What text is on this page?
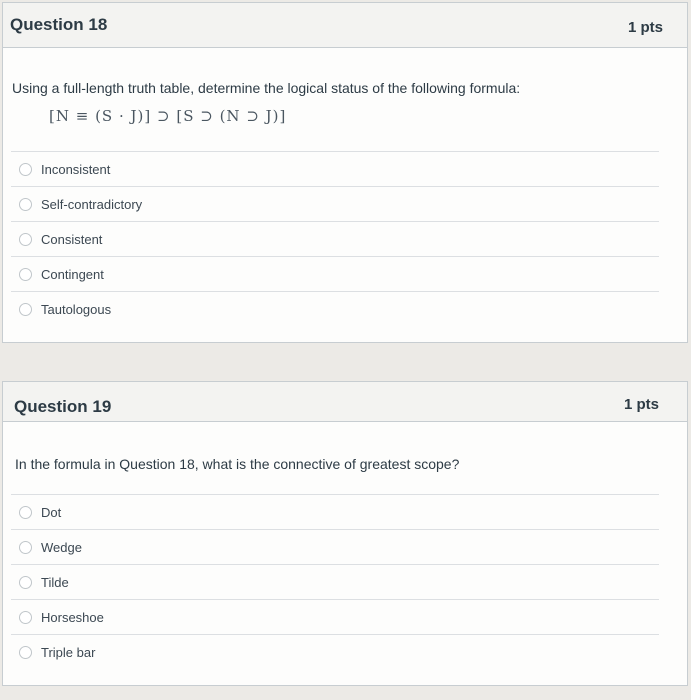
Question 18	1 pts
Using a full-length truth table, determine the logical status of the following formula:
[N ≡ (S · J)] ⊃ [S ⊃ (N ⊃ J)]
Inconsistent
Self-contradictory
Consistent
Contingent
Tautologous
Question 19	1 pts
In the formula in Question 18, what is the connective of greatest scope?
Dot
Wedge
Tilde
Horseshoe
Triple bar
